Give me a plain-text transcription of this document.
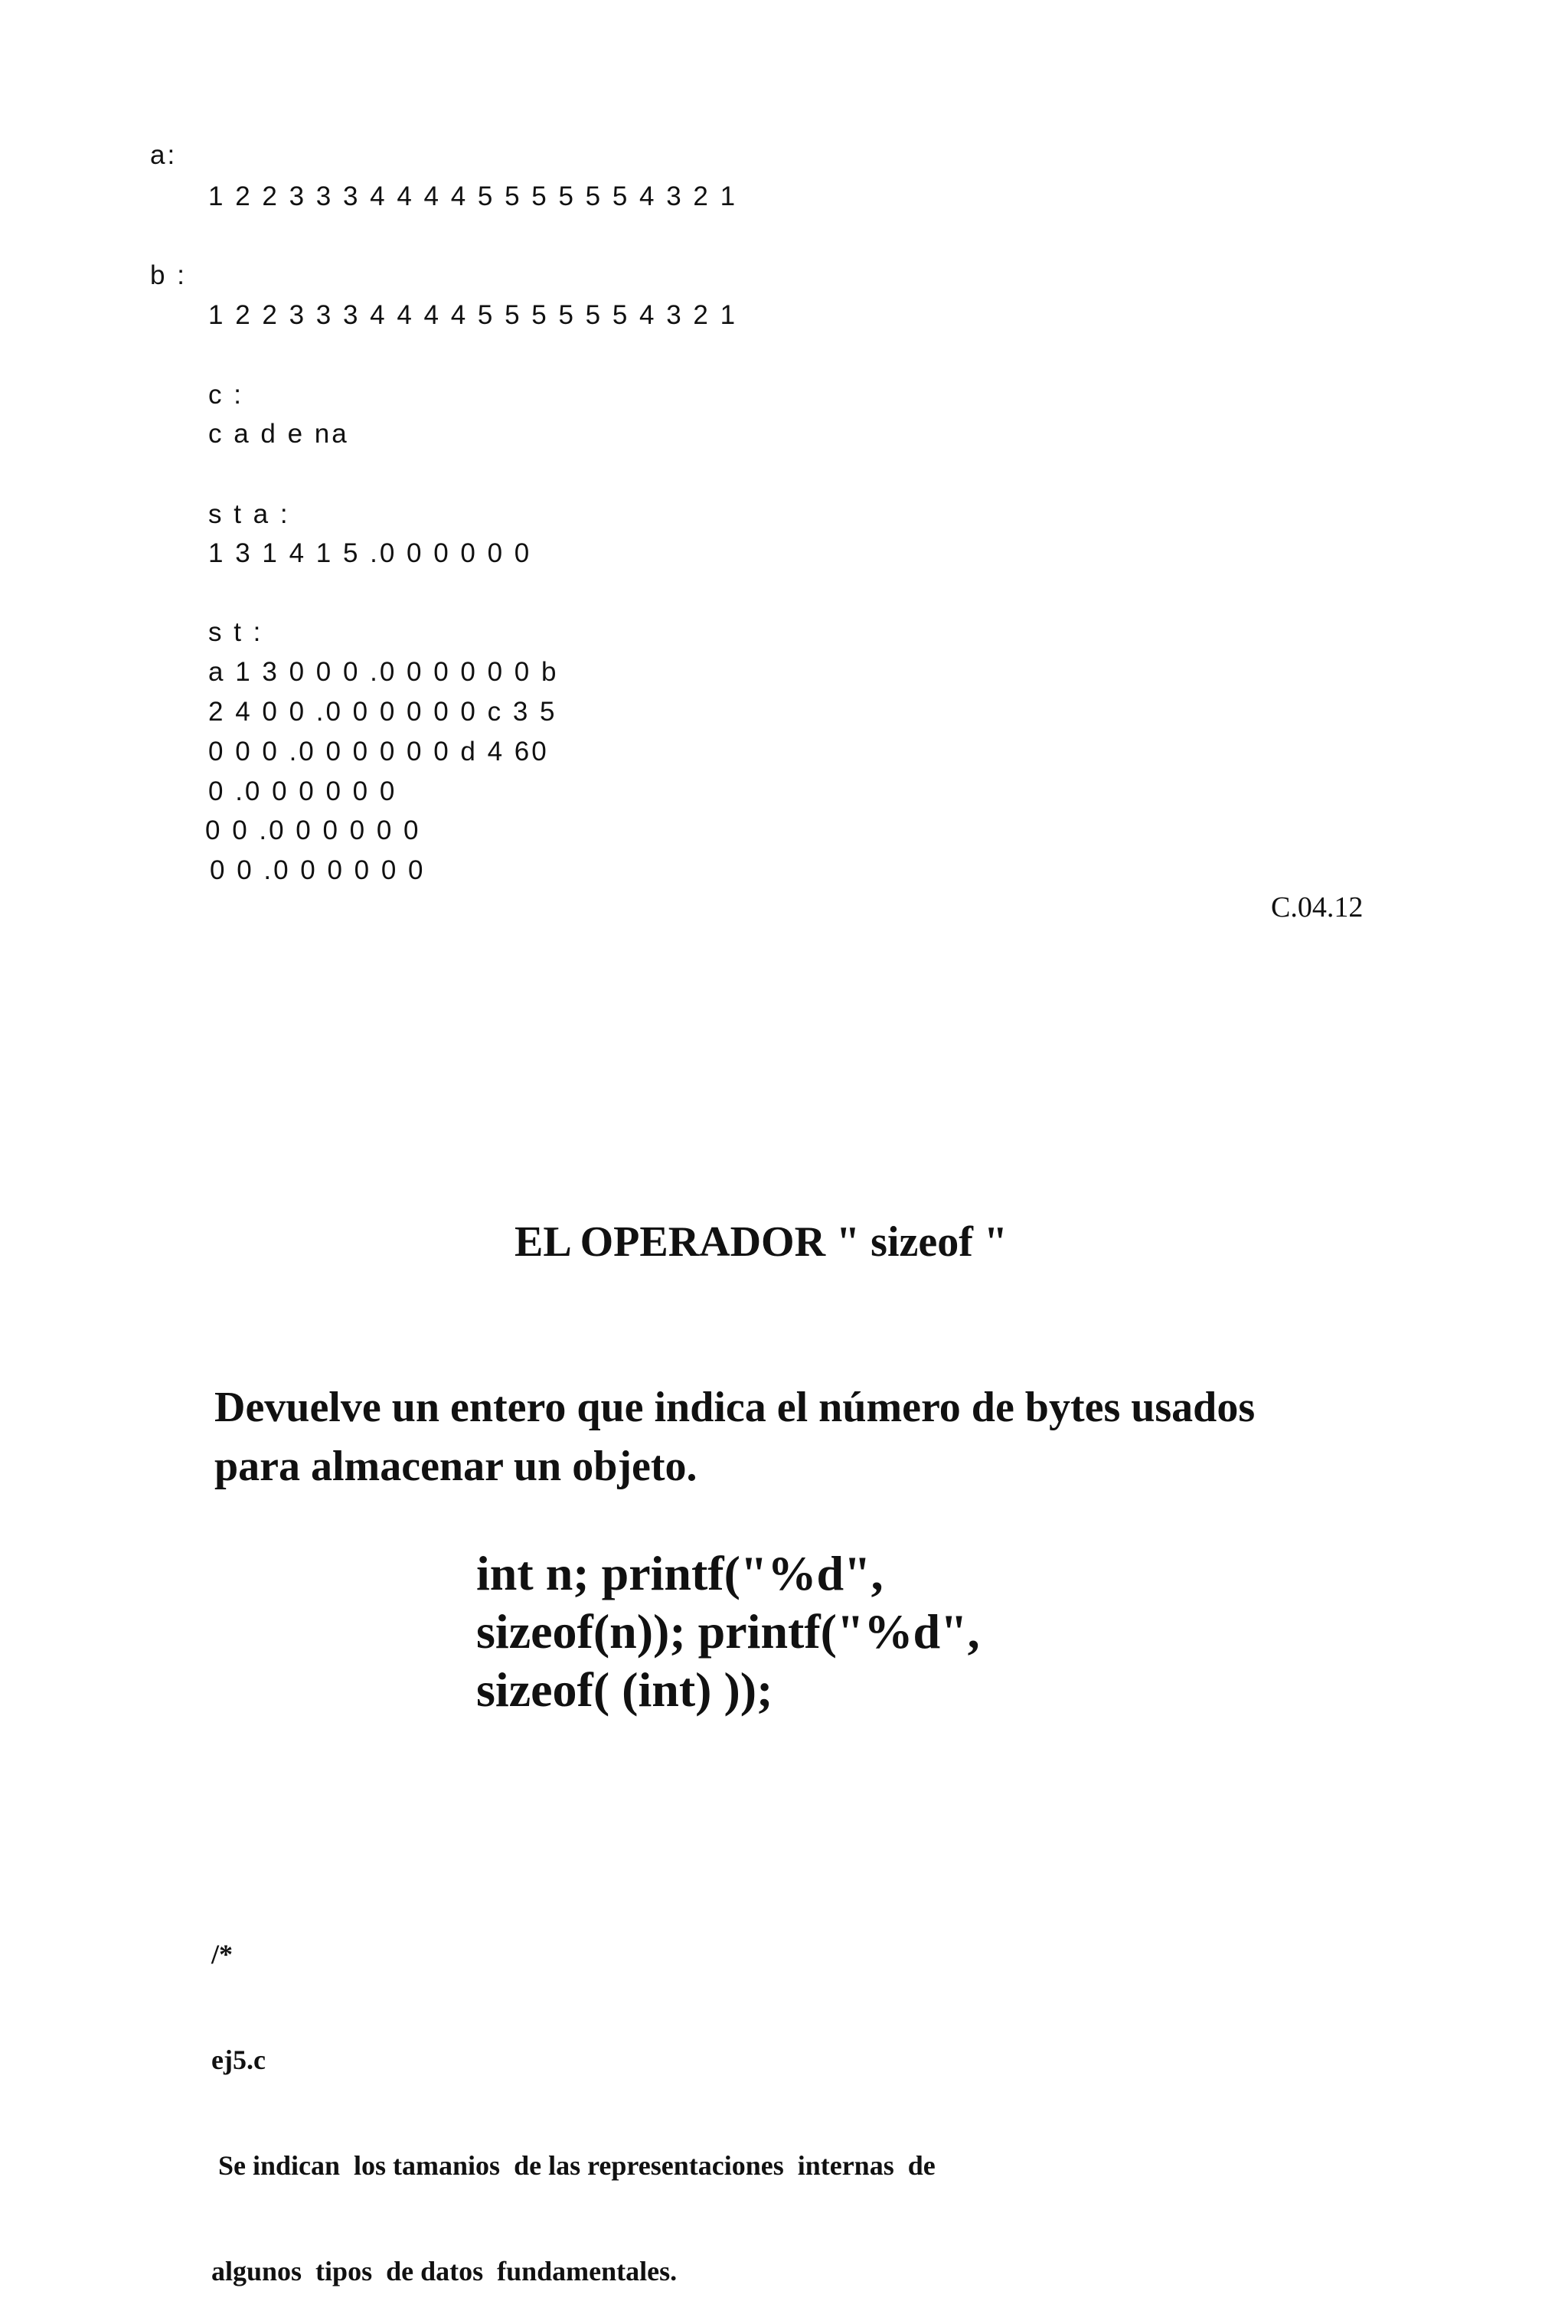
a:
1 2 2 3 3 3 4 4 4 4 5 5 5 5 5 5 4 3 2 1
b :
1 2 2 3 3 3 4 4 4 4 5 5 5 5 5 5 4 3 2 1
c :
c a d e na
s t a :
1 3 1 4 1 5 .0 0 0 0 0 0
s t :
a 1 3 0 0 0 .0 0 0 0 0 0 b
2 4 0 0 .0 0 0 0 0 0 c 3 5
0 0 0 .0 0 0 0 0 0 d 4 60
0 .0 0 0 0 0 0
0 0 .0 0 0 0 0 0
0 0 .0 0 0 0 0 0
C.04.12
EL OPERADOR " sizeof "
Devuelve un entero que indica el número de bytes usados
para almacenar un objeto.
int n; printf("%d",
sizeof(n)); printf("%d",
sizeof( (int) ));

/*

ej5.c

Se indican  los tamanios  de las representaciones  internas  de

algunos  tipos  de datos  fundamentales.
